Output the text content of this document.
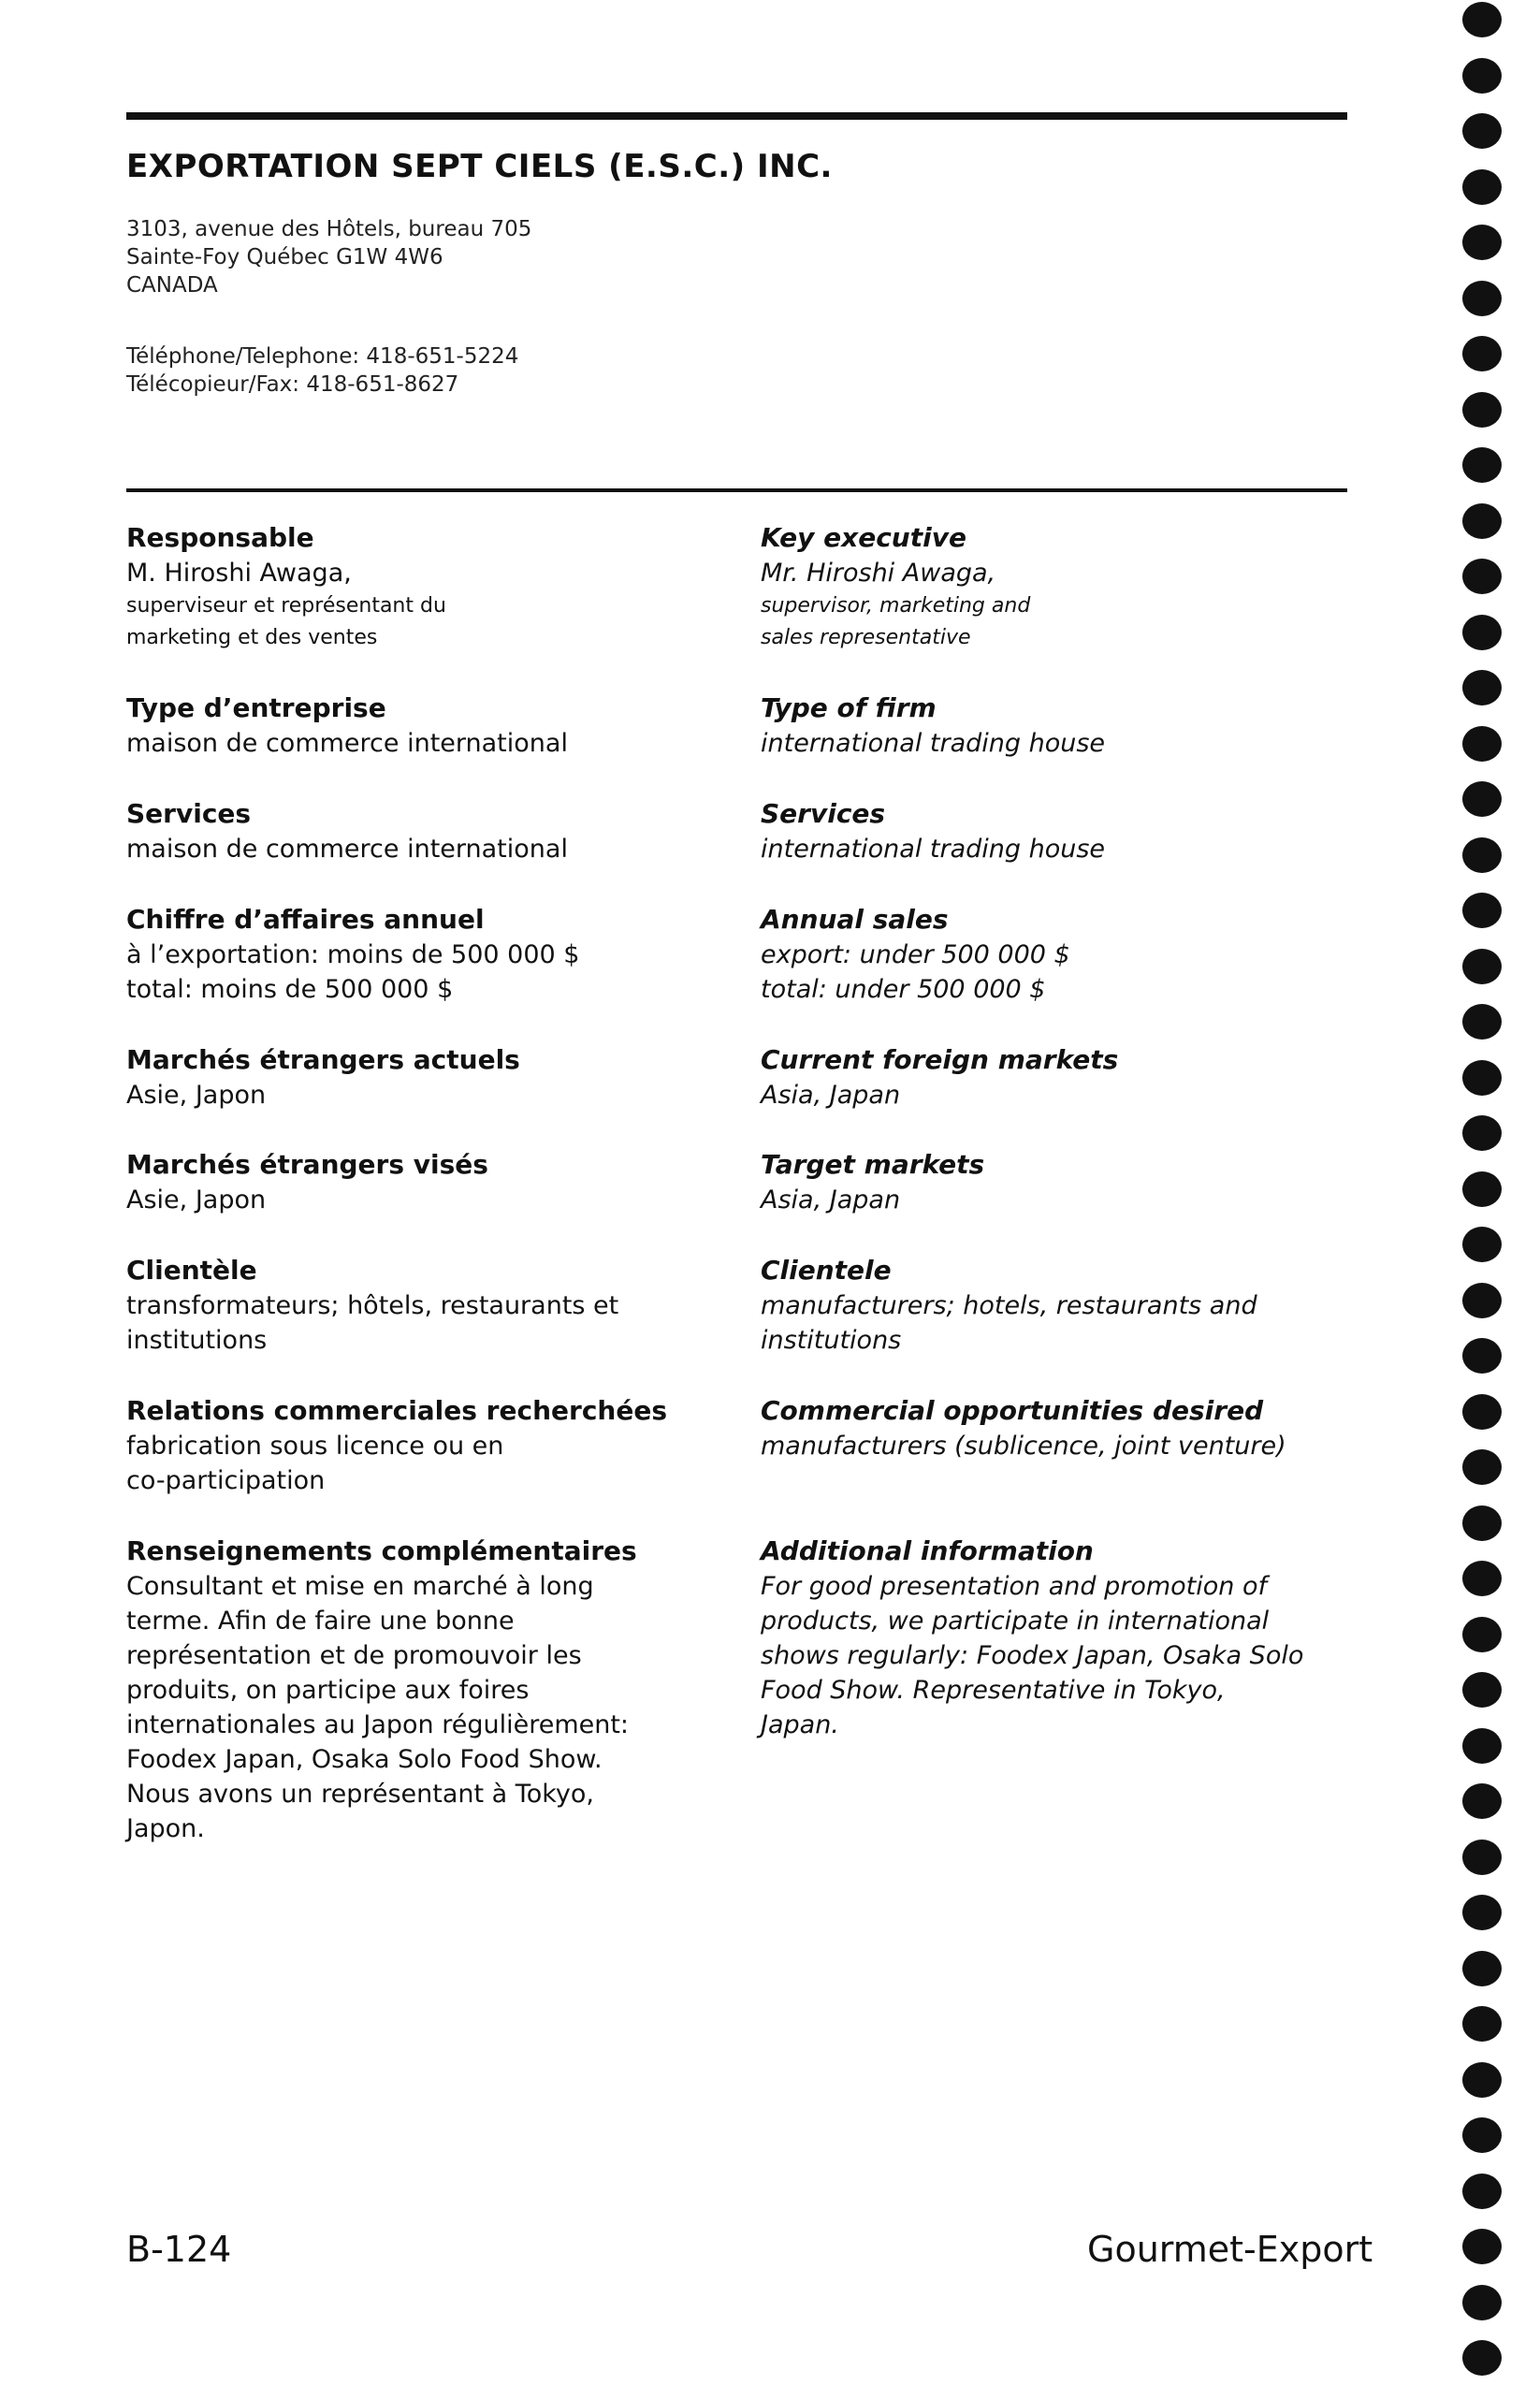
EXPORTATION SEPT CIELS (E.S.C.) INC.
3103, avenue des Hôtels, bureau 705
Sainte-Foy Québec G1W 4W6
CANADA
Téléphone/Telephone: 418-651-5224
Télécopieur/Fax: 418-651-8627
Responsable
M. Hiroshi Awaga,
superviseur et représentant du
marketing et des ventes
Type d’entreprise
maison de commerce international
Services
maison de commerce international
Chiffre d’affaires annuel
à l’exportation: moins de 500 000 $
total: moins de 500 000 $
Marchés étrangers actuels
Asie, Japon
Marchés étrangers visés
Asie, Japon
Clientèle
transformateurs; hôtels, restaurants et
institutions
Relations commerciales recherchées
fabrication sous licence ou en
co-participation
Renseignements complémentaires
Consultant et mise en marché à long
terme. Afin de faire une bonne
représentation et de promouvoir les
produits, on participe aux foires
internationales au Japon régulièrement:
Foodex Japan, Osaka Solo Food Show.
Nous avons un représentant à Tokyo,
Japon.
Key executive
Mr. Hiroshi Awaga,
supervisor, marketing and
sales representative
Type of firm
international trading house
Services
international trading house
Annual sales
export: under 500 000 $
total: under 500 000 $
Current foreign markets
Asia, Japan
Target markets
Asia, Japan
Clientele
manufacturers; hotels, restaurants and
institutions
Commercial opportunities desired
manufacturers (sublicence, joint venture)
Additional information
For good presentation and promotion of
products, we participate in international
shows regularly: Foodex Japan, Osaka Solo
Food Show. Representative in Tokyo,
Japan.
B-124	Gourmet-Export
